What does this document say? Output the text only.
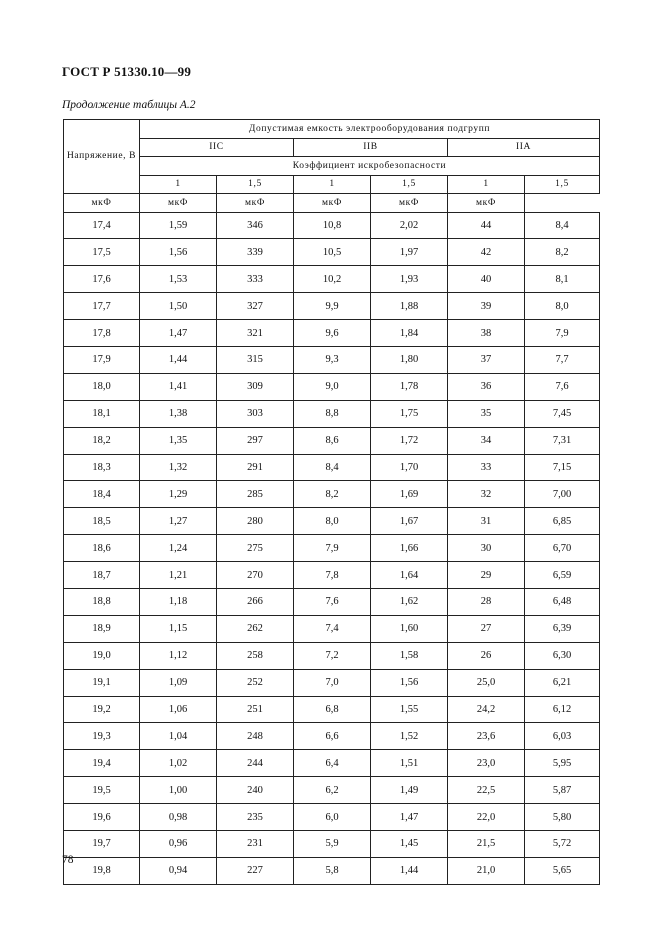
ГОСТ Р 51330.10—99
Продолжение таблицы А.2
Напряжение, В	Допустимая емкость электрооборудования подгрупп					
	IIC		IIB		IIA	
	Коэффициент искробезопасности					
	1	1,5	1	1,5	1	1,5
мкФ	мкФ	мкФ	мкФ	мкФ	мкФ	
17,4	1,59	346	10,8	2,02	44	8,4
17,5	1,56	339	10,5	1,97	42	8,2
17,6	1,53	333	10,2	1,93	40	8,1
17,7	1,50	327	9,9	1,88	39	8,0
17,8	1,47	321	9,6	1,84	38	7,9
17,9	1,44	315	9,3	1,80	37	7,7
18,0	1,41	309	9,0	1,78	36	7,6
18,1	1,38	303	8,8	1,75	35	7,45
18,2	1,35	297	8,6	1,72	34	7,31
18,3	1,32	291	8,4	1,70	33	7,15
18,4	1,29	285	8,2	1,69	32	7,00
18,5	1,27	280	8,0	1,67	31	6,85
18,6	1,24	275	7,9	1,66	30	6,70
18,7	1,21	270	7,8	1,64	29	6,59
18,8	1,18	266	7,6	1,62	28	6,48
18,9	1,15	262	7,4	1,60	27	6,39
19,0	1,12	258	7,2	1,58	26	6,30
19,1	1,09	252	7,0	1,56	25,0	6,21
19,2	1,06	251	6,8	1,55	24,2	6,12
19,3	1,04	248	6,6	1,52	23,6	6,03
19,4	1,02	244	6,4	1,51	23,0	5,95
19,5	1,00	240	6,2	1,49	22,5	5,87
19,6	0,98	235	6,0	1,47	22,0	5,80
19,7	0,96	231	5,9	1,45	21,5	5,72
19,8	0,94	227	5,8	1,44	21,0	5,65
78
